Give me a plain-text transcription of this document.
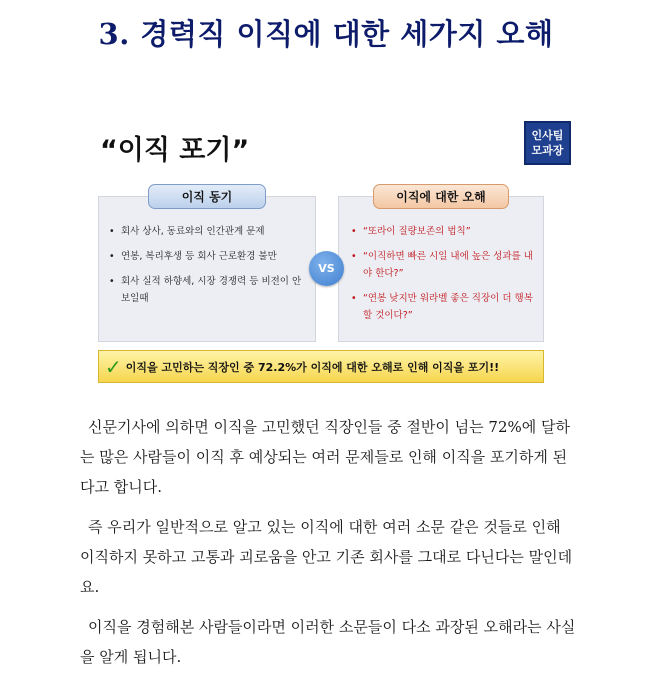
3. 경력직 이직에 대한 세가지 오해
“이직 포기”	인사팀
모과장
• 회사 상사, 동료와의 인간관계 문제
• 연봉, 복리후생 등 회사 근로환경 불만
• 회사 실적 하향세, 시장 경쟁력 등 비전이 안보일때
• “또라이 질량보존의 법칙”
• “이직하면 빠른 시일 내에 높은 성과를 내야 한다?”
• “연봉 낮지만 워라벨 좋은 직장이 더 행복할 것이다?”
이직 동기	이직에 대한 오해
VS
✓ 이직을 고민하는 직장인 중 72.2%가 이직에 대한 오해로 인해 이직을 포기!!
신문기사에 의하면 이직을 고민했던 직장인들 중 절반이 넘는 72%에 달하는 많은 사람들이 이직 후 예상되는 여러 문제들로 인해 이직을 포기하게 된다고 합니다.
즉 우리가 일반적으로 알고 있는 이직에 대한 여러 소문 같은 것들로 인해 이직하지 못하고 고통과 괴로움을 안고 기존 회사를 그대로 다닌다는 말인데요.
이직을 경험해본 사람들이라면 이러한 소문들이 다소 과장된 오해라는 사실을 알게 됩니다.
